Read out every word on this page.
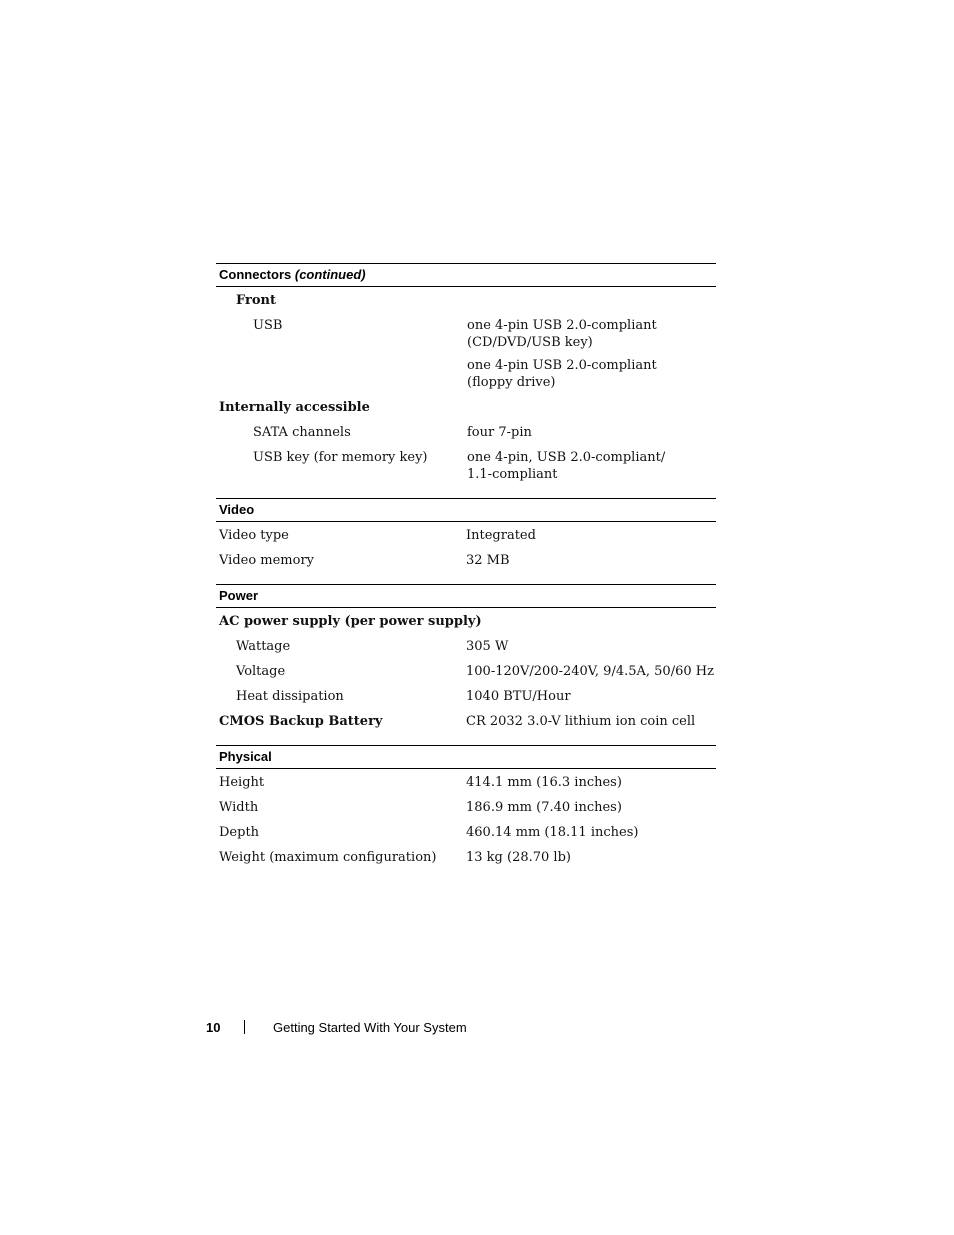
Connectors (continued)
Front
USB	one 4-pin USB 2.0-compliant
(CD/DVD/USB key)
one 4-pin USB 2.0-compliant
(floppy drive)
Internally accessible
SATA channels	four 7-pin
USB key (for memory key)	one 4-pin, USB 2.0-compliant/
1.1-compliant
Video
Video type	Integrated
Video memory	32 MB
Power
AC power supply (per power supply)
Wattage	305 W
Voltage	100-120V/200-240V, 9/4.5A, 50/60 Hz
Heat dissipation	1040 BTU/Hour
CMOS Backup Battery	CR 2032 3.0-V lithium ion coin cell
Physical
Height	414.1 mm (16.3 inches)
Width	186.9 mm (7.40 inches)
Depth	460.14 mm (18.11 inches)
Weight (maximum configuration)	13 kg (28.70 lb)
10	Getting Started With Your System
